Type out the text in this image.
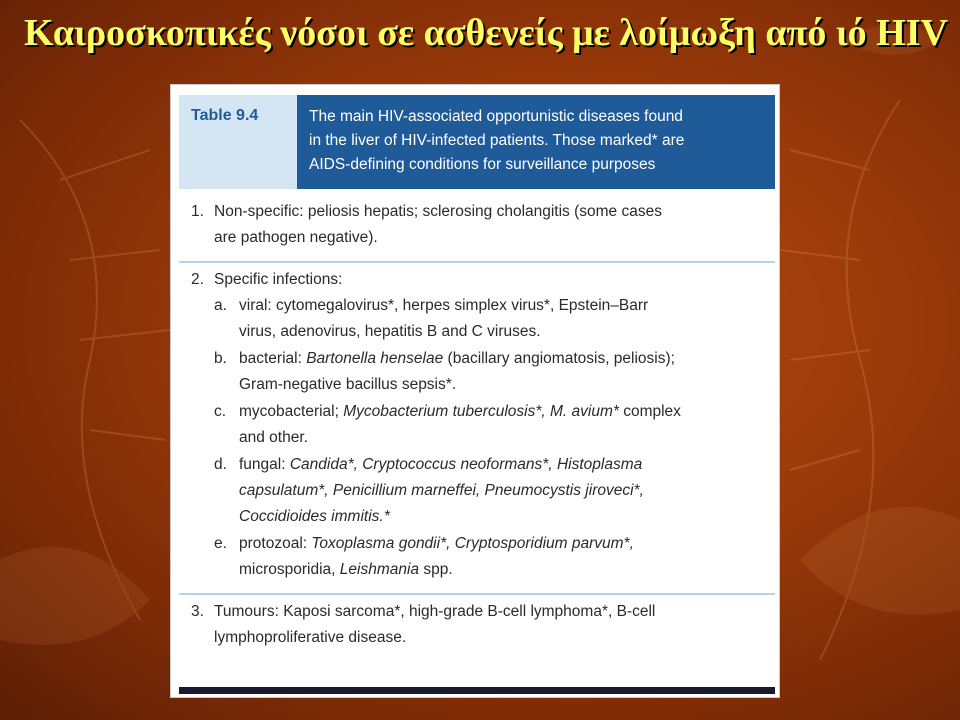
Καιροσκοπικές νόσοι σε ασθενείς με λοίμωξη από ιό HIV
Table 9.4	The main HIV-associated opportunistic diseases found
in the liver of HIV-infected patients. Those marked* are
AIDS-defining conditions for surveillance purposes
1. Non-specific: peliosis hepatis; sclerosing cholangitis (some cases
are pathogen negative).
2. Specific infections:
a. viral: cytomegalovirus*, herpes simplex virus*, Epstein–Barr
virus, adenovirus, hepatitis B and C viruses.
b. bacterial: Bartonella henselae (bacillary angiomatosis, peliosis);
Gram-negative bacillus sepsis*.
c. mycobacterial; Mycobacterium tuberculosis*, M. avium* complex
and other.
d. fungal: Candida*, Cryptococcus neoformans*, Histoplasma
capsulatum*, Penicillium marneffei, Pneumocystis jiroveci*,
Coccidioides immitis.*
e. protozoal: Toxoplasma gondii*, Cryptosporidium parvum*,
microsporidia, Leishmania spp.
3. Tumours: Kaposi sarcoma*, high-grade B-cell lymphoma*, B-cell
lymphoproliferative disease.
